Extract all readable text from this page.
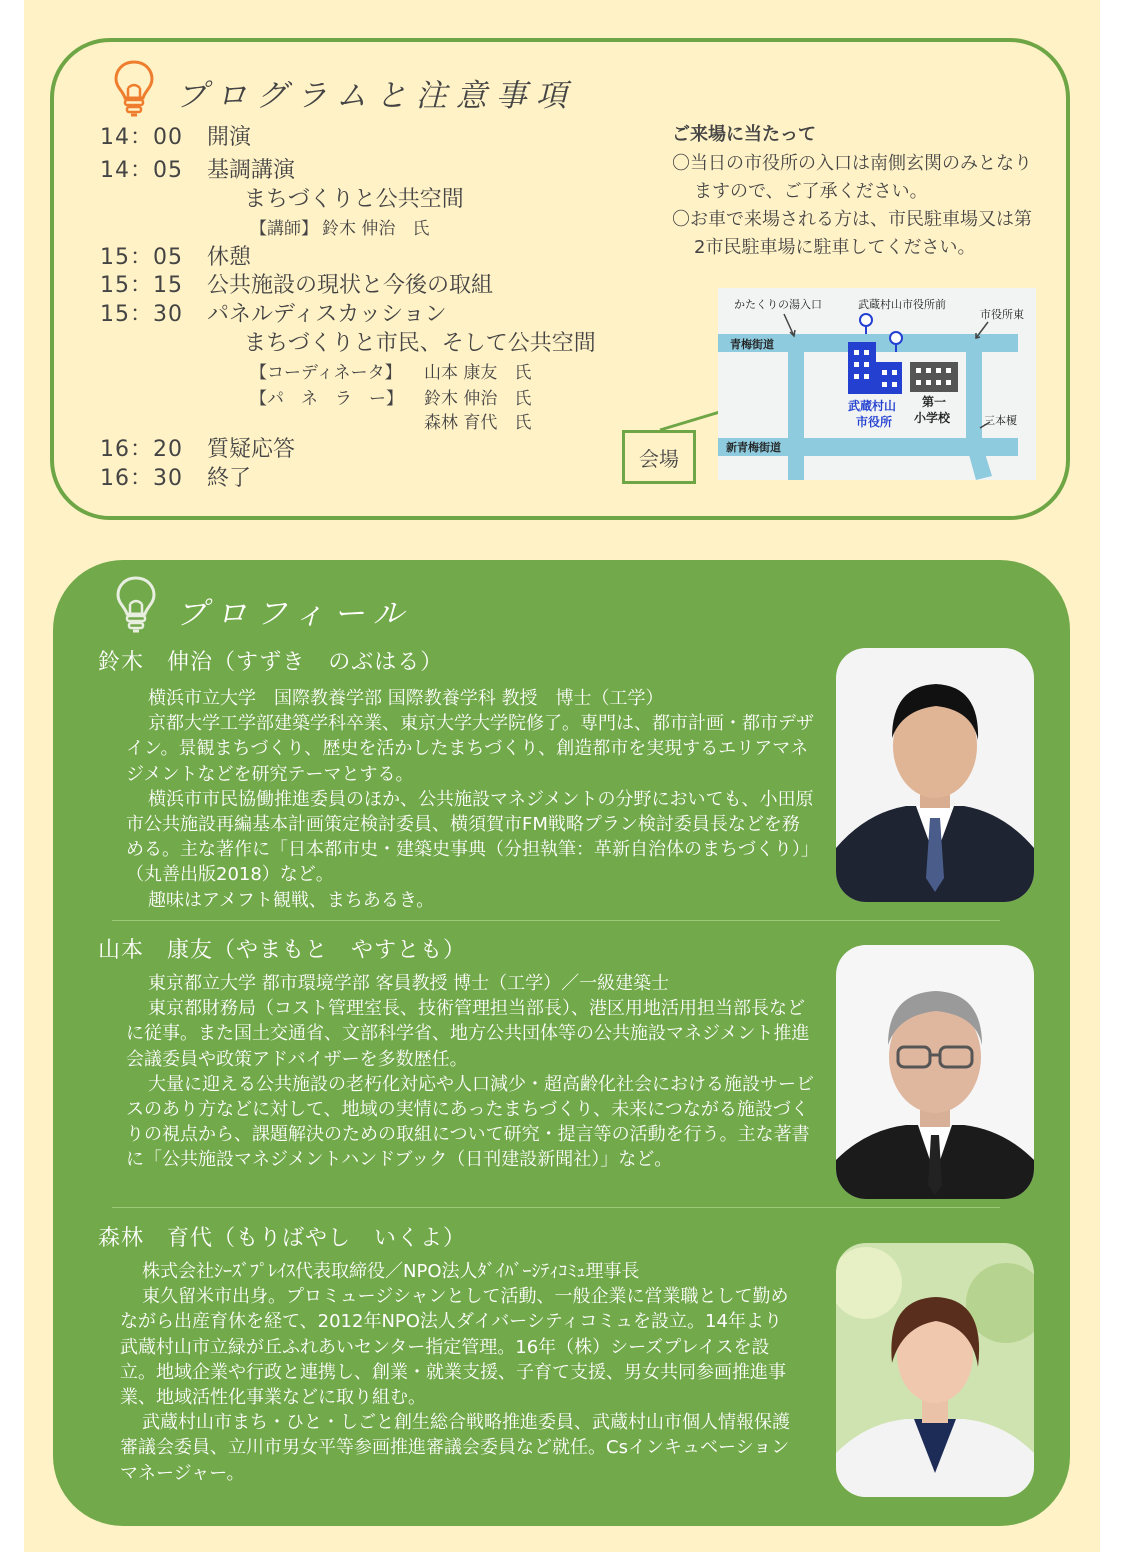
プログラムと注意事項
14：00 開演
14：05 基調講演
まちづくりと公共空間
【講師】 鈴木 伸治　氏
15：05 休憩
15：15 公共施設の現状と今後の取組
15：30 パネルディスカッション
まちづくりと市民、そして公共空間
【コーディネータ】 山本 康友　氏
【パ　ネ　ラ　ー】 鈴木 伸治　氏
森林 育代　氏
16：20 質疑応答
16：30 終了
ご来場に当たって
〇当日の市役所の入口は南側玄関のみとなりますので、ご了承ください。
〇お車で来場される方は、市民駐車場又は第2市民駐車場に駐車してください。
会場
かたくりの湯入口	武蔵村山市役所前
市役所東
青梅街道
新青梅街道
武蔵村山
市役所
第一
小学校	三本榎
プロフィール
鈴木　伸治（すずき　のぶはる）

横浜市立大学　国際教養学部 国際教養学科 教授　博士（工学）

京都大学工学部建築学科卒業、東京大学大学院修了。専門は、都市計画・都市デザイン。景観まちづくり、歴史を活かしたまちづくり、創造都市を実現するエリアマネジメントなどを研究テーマとする。

横浜市市民協働推進委員のほか、公共施設マネジメントの分野においても、小田原市公共施設再編基本計画策定検討委員、横須賀市FM戦略プラン検討委員長などを務める。主な著作に「日本都市史・建築史事典（分担執筆：革新自治体のまちづくり）」（丸善出版2018）など。

趣味はアメフト観戦、まちあるき。

山本　康友（やまもと　やすとも）

東京都立大学 都市環境学部 客員教授 博士（工学）／一級建築士

東京都財務局（コスト管理室長、技術管理担当部長）、港区用地活用担当部長などに従事。また国土交通省、文部科学省、地方公共団体等の公共施設マネジメント推進会議委員や政策アドバイザーを多数歴任。

大量に迎える公共施設の老朽化対応や人口減少・超高齢化社会における施設サービスのあり方などに対して、地域の実情にあったまちづくり、未来につながる施設づくりの視点から、課題解決のための取組について研究・提言等の活動を行う。主な著書に「公共施設マネジメントハンドブック（日刊建設新聞社）」など。

森林　育代（もりばやし　いくよ）

株式会社ｼｰｽﾞﾌﾟﾚｲｽ代表取締役／NPO法人ﾀﾞｲﾊﾞｰｼﾃｨｺﾐｭ理事長

東久留米市出身。プロミュージシャンとして活動、一般企業に営業職として勤めながら出産育休を経て、2012年NPO法人ダイバーシティコミュを設立。14年より武蔵村山市立緑が丘ふれあいセンター指定管理。16年（株）シーズプレイスを設立。地域企業や行政と連携し、創業・就業支援、子育て支援、男女共同参画推進事業、地域活性化事業などに取り組む。

武蔵村山市まち・ひと・しごと創生総合戦略推進委員、武蔵村山市個人情報保護審議会委員、立川市男女平等参画推進審議会委員など就任。Csインキュベーションマネージャー。
